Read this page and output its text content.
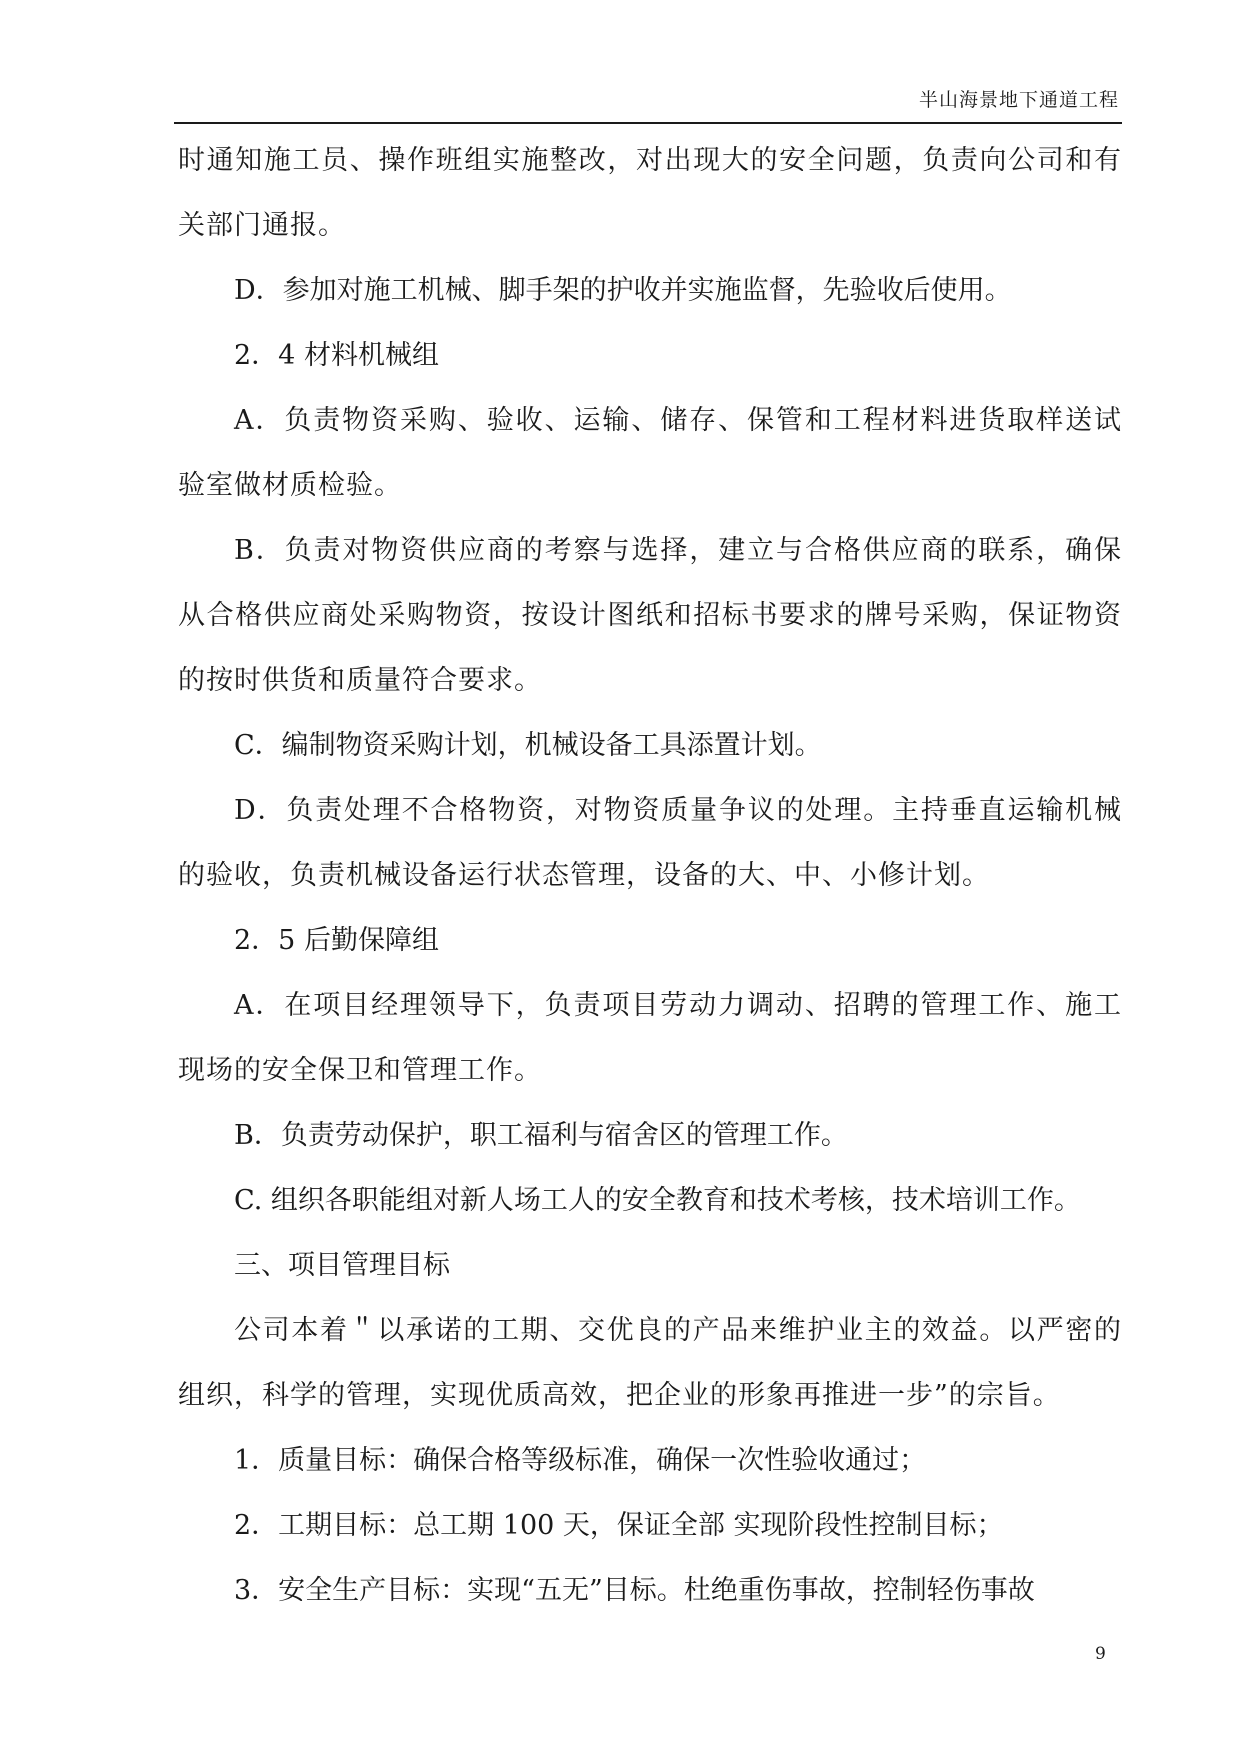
半山海景地下通道工程
时通知施工员、操作班组实施整改，对出现大的安全问题，负责向公司和有关部门通报。
D．参加对施工机械、脚手架的护收并实施监督，先验收后使用。
2．4 材料机械组
A．负责物资采购、验收、运输、储存、保管和工程材料进货取样送试验室做材质检验。
B．负责对物资供应商的考察与选择，建立与合格供应商的联系，确保从合格供应商处采购物资，按设计图纸和招标书要求的牌号采购，保证物资的按时供货和质量符合要求。
C．编制物资采购计划，机械设备工具添置计划。
D．负责处理不合格物资，对物资质量争议的处理。主持垂直运输机械的验收，负责机械设备运行状态管理，设备的大、中、小修计划。
2．5 后勤保障组
A．在项目经理领导下，负责项目劳动力调动、招聘的管理工作、施工现场的安全保卫和管理工作。
B．负责劳动保护，职工福利与宿舍区的管理工作。
C. 组织各职能组对新人场工人的安全教育和技术考核，技术培训工作。
三、项目管理目标
公司本着＂以承诺的工期、交优良的产品来维护业主的效益。以严密的组织，科学的管理，实现优质高效，把企业的形象再推进一步”的宗旨。
1．质量目标：确保合格等级标准，确保一次性验收通过；
2．工期目标：总工期 100 天，保证全部 实现阶段性控制目标；
3．安全生产目标：实现“五无”目标。杜绝重伤事故，控制轻伤事故
9
